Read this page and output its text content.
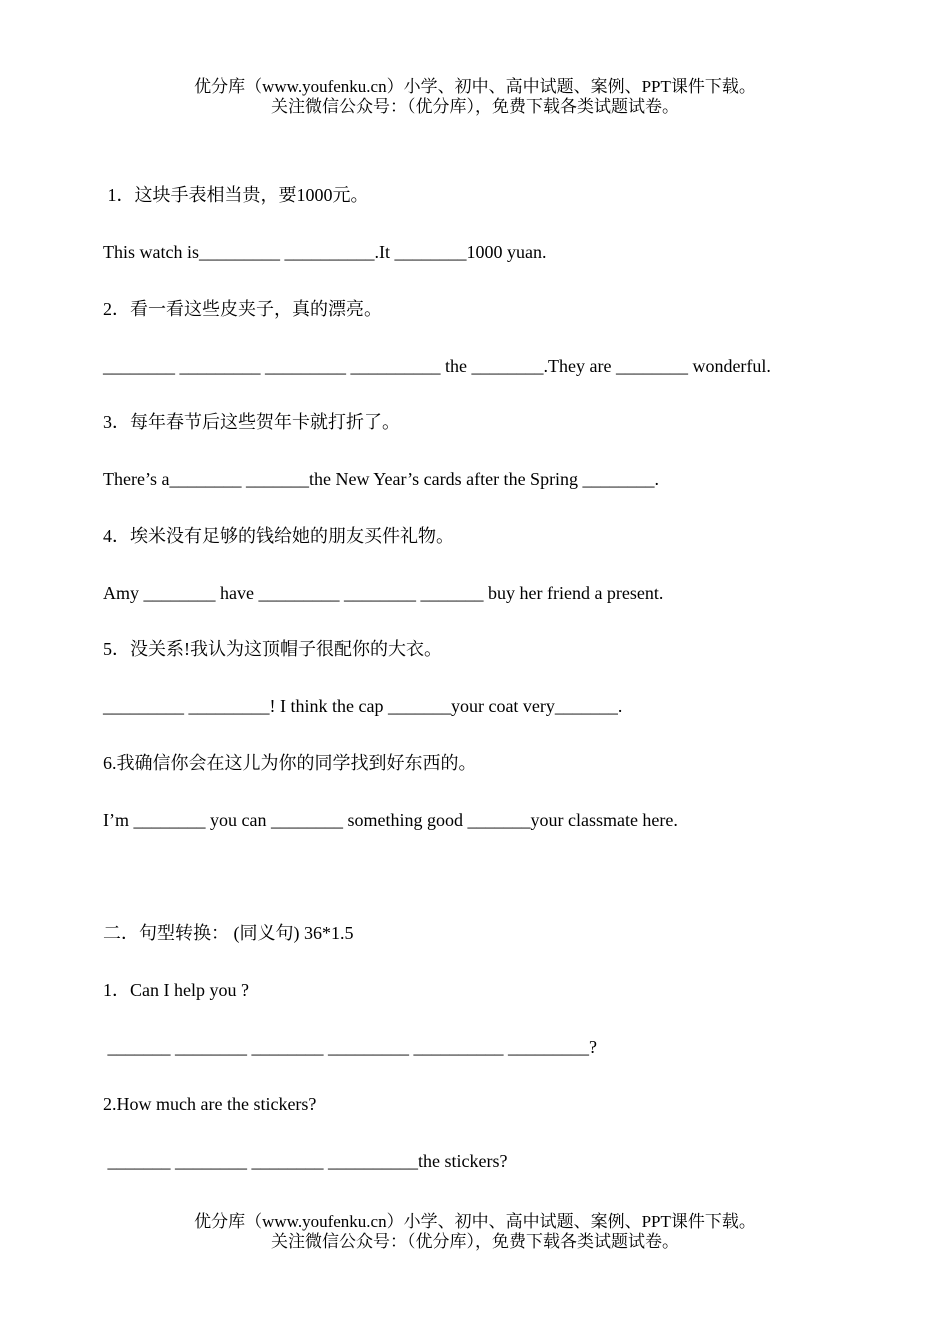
优分库（www.youfenku.cn）小学、初中、高中试题、案例、PPT课件下载。
关注微信公众号：（优分库），免费下载各类试题试卷。
1．这块手表相当贵，要1000元。
This watch is_________ __________.It ________1000 yuan.
2．看一看这些皮夹子，真的漂亮。
________ _________ _________ __________ the ________.They are ________ wonderful.
3．每年春节后这些贺年卡就打折了。
There’s a________ _______the New Year’s cards after the Spring ________.
4．埃米没有足够的钱给她的朋友买件礼物。
Amy ________ have _________ ________ _______ buy her friend a present.
5．没关系!我认为这顶帽子很配你的大衣。
_________ _________! I think the cap _______your coat very_______.
6.我确信你会在这儿为你的同学找到好东西的。
I’m ________ you can ________ something good _______your classmate here.
二．句型转换： (同义句) 36*1.5
1．Can I help you ?
_______ ________ ________ _________ __________ _________?
2.How much are the stickers?
_______ ________ ________ __________the stickers?
优分库（www.youfenku.cn）小学、初中、高中试题、案例、PPT课件下载。
关注微信公众号：（优分库），免费下载各类试题试卷。
